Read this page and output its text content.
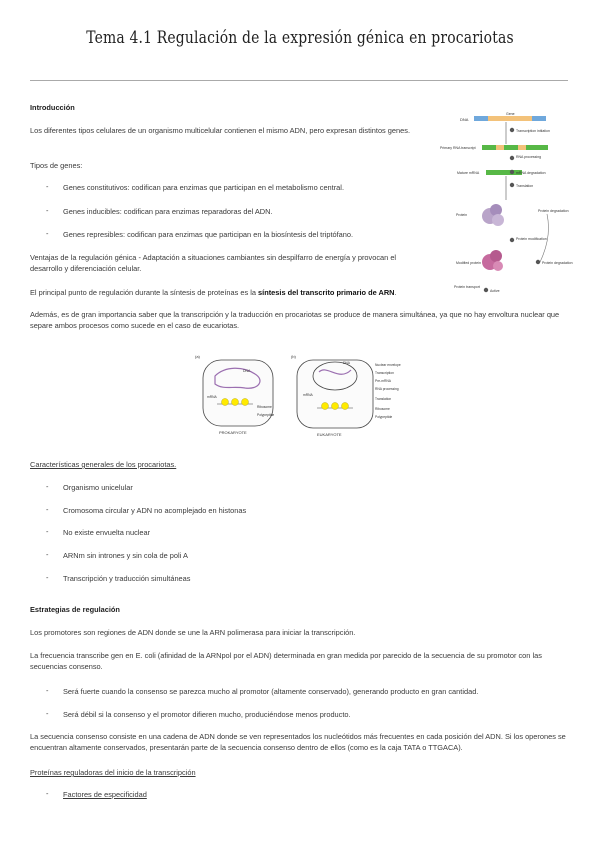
Tema 4.1 Regulación de la expresión génica en procariotas

Introducción

Los diferentes tipos celulares de un organismo multicelular contienen el mismo ADN, pero expresan distintos genes.

Tipos de genes:

- Genes constitutivos: codifican para enzimas que participan en el metabolismo central.

- Genes inducibles: codifican para enzimas reparadoras del ADN.

- Genes represibles: codifican para enzimas que participan en la biosíntesis del triptófano.

Ventajas de la regulación génica - Adaptación a situaciones cambiantes sin despilfarro de energía y provocan el desarrollo y diferenciación celular.

El principal punto de regulación durante la síntesis de proteínas es la síntesis del transcrito primario de ARN.

Además, es de gran importancia saber que la transcripción y la traducción en procariotas se produce de manera simultánea, ya que no hay envoltura nuclear que separe ambos procesos como sucede en el caso de eucariotas.

DNA
Gene
Transcription initiation
Primary RNA transcript
RNA processing
Mature mRNA	mRNA degradation
Translation
Protein
Protein degradation
Protein modification
Modified protein	Protein degradation
Protein transport
Active
(a)
DNA
mRNA
Ribosome
Polypeptide
PROKARYOTE
(b)
Nuclear envelope
Pre-mRNA
mRNA
Ribosome
Polypeptide
DNA
Transcription
RNA processing
Translation
EUKARYOTE

Características generales de los procariotas.

- Organismo unicelular

- Cromosoma circular y ADN no acomplejado en histonas

- No existe envuelta nuclear

- ARNm sin intrones y sin cola de poli A

- Transcripción y traducción simultáneas

Estrategias de regulación

Los promotores son regiones de ADN donde se une la ARN polimerasa para iniciar la transcripción.

La frecuencia transcribe gen en E. coli (afinidad de la ARNpol por el ADN) determinada en gran medida por parecido de la secuencia de su promotor con las secuencias consenso.

- Será fuerte cuando la consenso se parezca mucho al promotor (altamente conservado), generando producto en gran cantidad.

- Será débil si la consenso y el promotor difieren mucho, produciéndose menos producto.

La secuencia consenso consiste en una cadena de ADN donde se ven representados los nucleótidos más frecuentes en cada posición del ADN. Si los operones se encuentran altamente conservados, presentarán parte de la secuencia consenso dentro de ellos (como es la caja TATA o TTGACA).

Proteínas reguladoras del inicio de la transcripción

- Factores de especificidad
